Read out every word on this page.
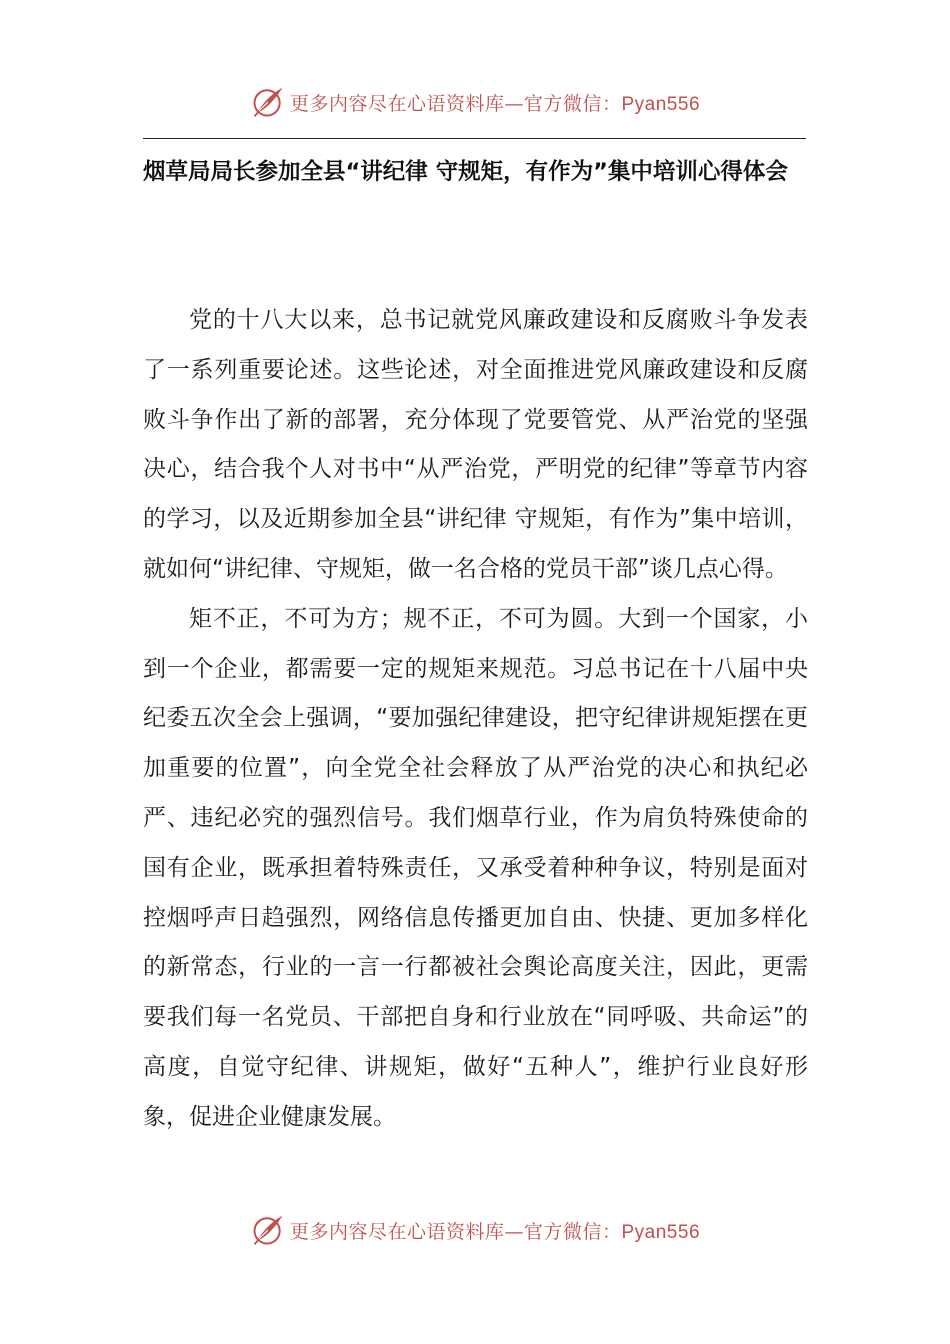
更多内容尽在心语资料库—官方微信：Pyan556
烟草局局长参加全县“讲纪律 守规矩，有作为”集中培训心得体会

党的十八大以来，总书记就党风廉政建设和反腐败斗争发表了一系列重要论述。这些论述，对全面推进党风廉政建设和反腐败斗争作出了新的部署，充分体现了党要管党、从严治党的坚强决心，结合我个人对书中“从严治党，严明党的纪律”等章节内容的学习，以及近期参加全县“讲纪律 守规矩，有作为”集中培训，就如何“讲纪律、守规矩，做一名合格的党员干部”谈几点心得。

矩不正，不可为方；规不正，不可为圆。大到一个国家，小到一个企业，都需要一定的规矩来规范。习总书记在十八届中央纪委五次全会上强调，“要加强纪律建设，把守纪律讲规矩摆在更加重要的位置”，向全党全社会释放了从严治党的决心和执纪必严、违纪必究的强烈信号。我们烟草行业，作为肩负特殊使命的国有企业，既承担着特殊责任，又承受着种种争议，特别是面对控烟呼声日趋强烈，网络信息传播更加自由、快捷、更加多样化的新常态，行业的一言一行都被社会舆论高度关注，因此，更需要我们每一名党员、干部把自身和行业放在“同呼吸、共命运”的高度，自觉守纪律、讲规矩，做好“五种人”，维护行业良好形象，促进企业健康发展。

更多内容尽在心语资料库—官方微信：Pyan556
